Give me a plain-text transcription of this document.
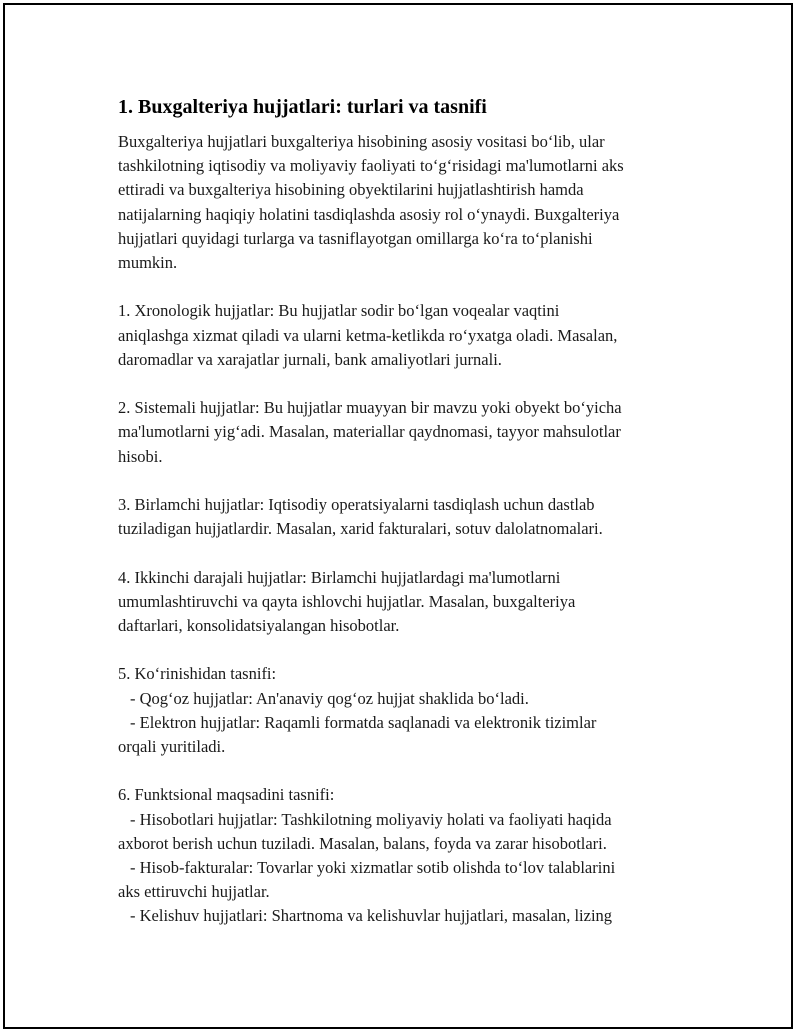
1. Buxgalteriya hujjatlari: turlari va tasnifi
Buxgalteriya hujjatlari buxgalteriya hisobining asosiy vositasi bo‘lib, ular
tashkilotning iqtisodiy va moliyaviy faoliyati to‘g‘risidagi ma'lumotlarni aks
ettiradi va buxgalteriya hisobining obyektilarini hujjatlashtirish hamda
natijalarning haqiqiy holatini tasdiqlashda asosiy rol o‘ynaydi. Buxgalteriya
hujjatlari quyidagi turlarga va tasniflayotgan omillarga ko‘ra to‘planishi
mumkin.
1. Xronologik hujjatlar: Bu hujjatlar sodir bo‘lgan voqealar vaqtini
aniqlashga xizmat qiladi va ularni ketma-ketlikda ro‘yxatga oladi. Masalan,
daromadlar va xarajatlar jurnali, bank amaliyotlari jurnali.
2. Sistemali hujjatlar: Bu hujjatlar muayyan bir mavzu yoki obyekt bo‘yicha
ma'lumotlarni yig‘adi. Masalan, materiallar qaydnomasi, tayyor mahsulotlar
hisobi.
3. Birlamchi hujjatlar: Iqtisodiy operatsiyalarni tasdiqlash uchun dastlab
tuziladigan hujjatlardir. Masalan, xarid fakturalari, sotuv dalolatnomalari.
4. Ikkinchi darajali hujjatlar: Birlamchi hujjatlardagi ma'lumotlarni
umumlashtiruvchi va qayta ishlovchi hujjatlar. Masalan, buxgalteriya
daftarlari, konsolidatsiyalangan hisobotlar.
5. Ko‘rinishidan tasnifi:
- Qog‘oz hujjatlar: An'anaviy qog‘oz hujjat shaklida bo‘ladi.
- Elektron hujjatlar: Raqamli formatda saqlanadi va elektronik tizimlar
orqali yuritiladi.
6. Funktsional maqsadini tasnifi:
- Hisobotlari hujjatlar: Tashkilotning moliyaviy holati va faoliyati haqida
axborot berish uchun tuziladi. Masalan, balans, foyda va zarar hisobotlari.
- Hisob-fakturalar: Tovarlar yoki xizmatlar sotib olishda to‘lov talablarini
aks ettiruvchi hujjatlar.
- Kelishuv hujjatlari: Shartnoma va kelishuvlar hujjatlari, masalan, lizing
